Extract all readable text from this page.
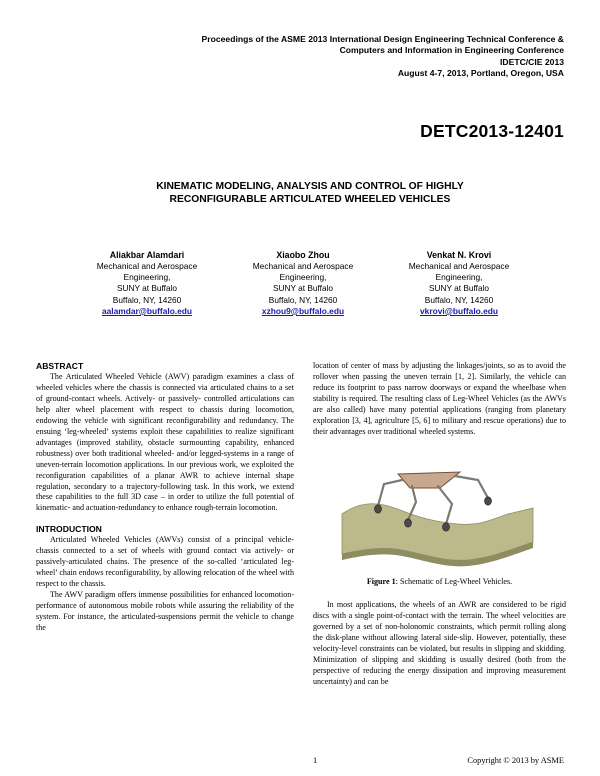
Proceedings of the ASME 2013 International Design Engineering Technical Conference &
Computers and Information in Engineering Conference
IDETC/CIE 2013
August 4-7, 2013, Portland, Oregon, USA
DETC2013-12401
KINEMATIC MODELING, ANALYSIS AND CONTROL OF HIGHLY
RECONFIGURABLE ARTICULATED WHEELED VEHICLES
Aliakbar Alamdari
Mechanical and Aerospace
Engineering,
SUNY at Buffalo
Buffalo, NY, 14260
aalamdar@buffalo.edu
Xiaobo Zhou
Mechanical and Aerospace
Engineering,
SUNY at Buffalo
Buffalo, NY, 14260
xzhou9@buffalo.edu
Venkat N. Krovi
Mechanical and Aerospace
Engineering,
SUNY at Buffalo
Buffalo, NY, 14260
vkrovi@buffalo.edu
ABSTRACT

The Articulated Wheeled Vehicle (AWV) paradigm examines a class of wheeled vehicles where the chassis is connected via articulated chains to a set of ground-contact wheels. Actively- or passively- controlled articulations can help alter wheel placement with respect to chassis during locomotion, endowing the vehicle with significant reconfigurability and redundancy. The ensuing ‘leg-wheeled’ systems exploit these capabilities to realize significant advantages (improved stability, obstacle surmounting capability, enhanced robustness) over both traditional wheeled- and/or legged-systems in a range of uneven-terrain locomotion applications. In our previous work, we exploited the reconfiguration capabilities of a planar AWR to achieve internal shape regulation, secondary to a trajectory-following task. In this work, we extend these capabilities to the full 3D case – in order to utilize the full potential of kinematic- and actuation-redundancy to enhance rough-terrain locomotion.

INTRODUCTION

Articulated Wheeled Vehicles (AWVs) consist of a principal vehicle-chassis connected to a set of wheels with ground contact via actively- or passively-articulated chains. The presence of the so-called ‘articulated leg-wheel’ chain endows reconfigurability, by allowing relocation of the wheel with respect to the chassis.

The AWV paradigm offers immense possibilities for enhanced locomotion-performance of autonomous mobile robots while assuring the reliability of the system. For instance, the articulated-suspensions permit the vehicle to change the

location of center of mass by adjusting the linkages/joints, so as to avoid the rollover when passing the uneven terrain [1, 2]. Similarly, the vehicle can reduce its footprint to pass narrow doorways or expand the wheelbase when stability is required. The resulting class of Leg-Wheel Vehicles (as the AWVs are also called) have many potential applications (ranging from planetary exploration [3, 4], agriculture [5, 6] to military and rescue operations) due to their advantages over traditional wheeled systems.

Figure 1: Schematic of Leg-Wheel Vehicles.

In most applications, the wheels of an AWR are considered to be rigid discs with a single point-of-contact with the terrain. The wheel velocities are governed by a set of non-holonomic constraints, which permit rolling along the disk-plane without allowing lateral side-slip. However, potentially, these velocity-level constraints can be violated, but results in slipping and skidding. Minimization of slipping and skidding is usually desired (both from the perspective of reducing the energy dissipation and improving measurement uncertainty) and can be

1	Copyright © 2013 by ASME
